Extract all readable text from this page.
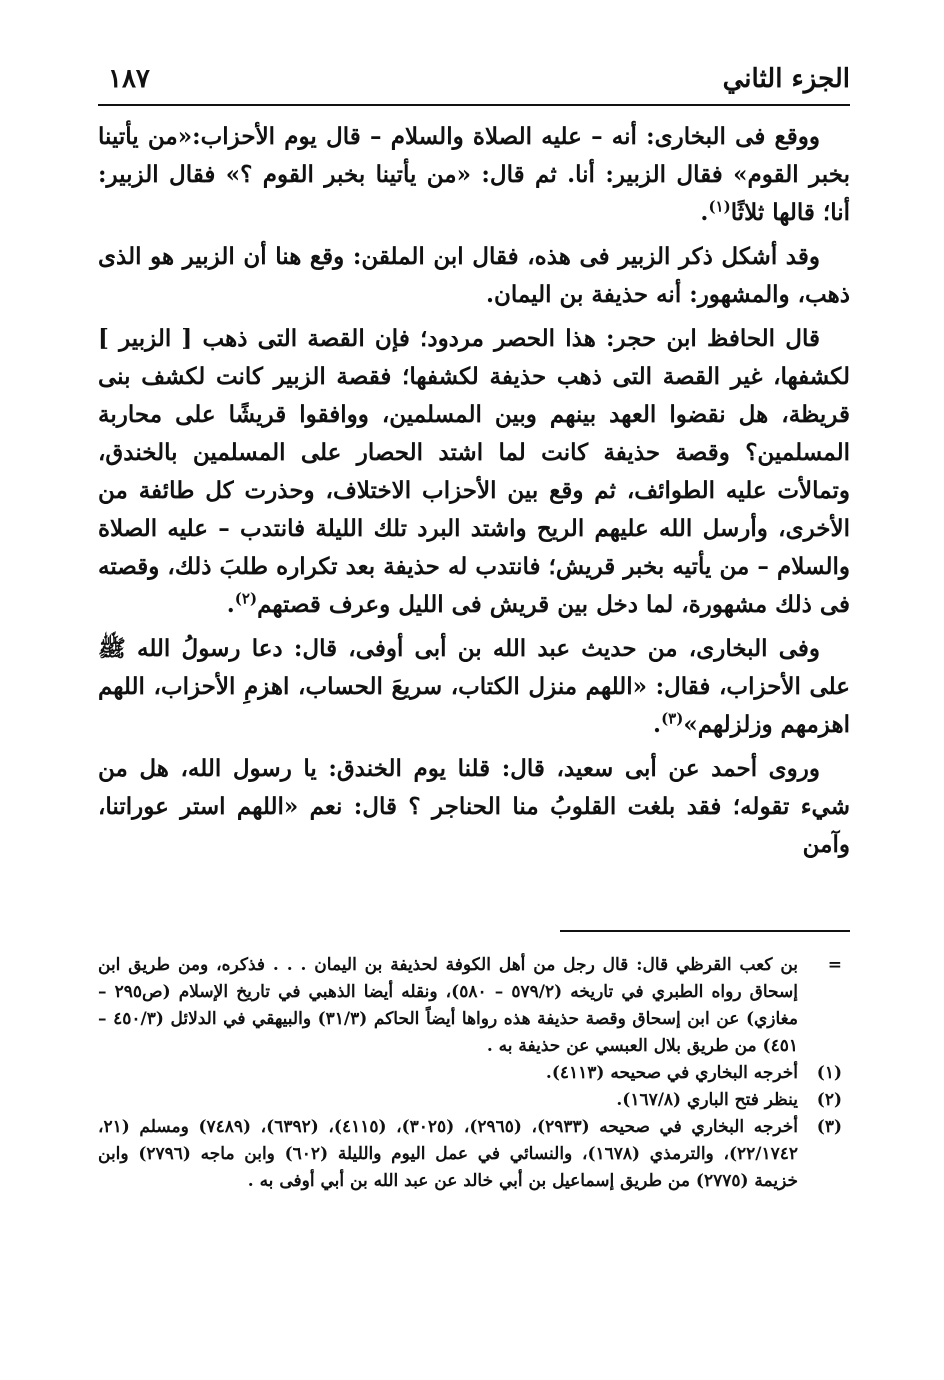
الجزء الثاني
١٨٧

ووقع فى البخارى: أنه – عليه الصلاة والسلام – قال يوم الأحزاب:«من يأتينا بخبر القوم» فقال الزبير: أنا. ثم قال: «من يأتينا بخبر القوم ؟» فقال الزبير: أنا؛ قالها ثلاثًا$^{(١)}$.

وقد أشكل ذكر الزبير فى هذه، فقال ابن الملقن: وقع هنا أن الزبير هو الذى ذهب، والمشهور: أنه حذيفة بن اليمان.

قال الحافظ ابن حجر: هذا الحصر مردود؛ فإن القصة التى ذهب [ الزبير ] لكشفها، غير القصة التى ذهب حذيفة لكشفها؛ فقصة الزبير كانت لكشف بنى قريظة، هل نقضوا العهد بينهم وبين المسلمين، ووافقوا قريشًا على محاربة المسلمين؟ وقصة حذيفة كانت لما اشتد الحصار على المسلمين بالخندق، وتمالأت عليه الطوائف، ثم وقع بين الأحزاب الاختلاف، وحذرت كل طائفة من الأخرى، وأرسل الله عليهم الريح واشتد البرد تلك الليلة فانتدب – عليه الصلاة والسلام – من يأتيه بخبر قريش؛ فانتدب له حذيفة بعد تكراره طلبَ ذلك، وقصته فى ذلك مشهورة، لما دخل بين قريش فى الليل وعرف قصتهم$^{(٢)}$.

وفى البخارى، من حديث عبد الله بن أبى أوفى، قال: دعا رسولُ الله ﷺ على الأحزاب، فقال: «اللهم منزل الكتاب، سريعَ الحساب، اهزمِ الأحزاب، اللهم اهزمهم وزلزلهم»$^{(٣)}$.

وروى أحمد عن أبى سعيد، قال: قلنا يوم الخندق: يا رسول الله، هل من شيء تقوله؛ فقد بلغت القلوبُ منا الحناجر ؟ قال: نعم «اللهم استر عوراتنا، وآمن

=
بن كعب القرظي قال: قال رجل من أهل الكوفة لحذيفة بن اليمان . . . فذكره، ومن طريق ابن إسحاق رواه الطبري في تاريخه (٥٧٩/٢ – ٥٨٠)، ونقله أيضا الذهبي في تاريخ الإسلام (ص٢٩٥ – مغازي) عن ابن إسحاق وقصة حذيفة هذه رواها أيضاً الحاكم (٣١/٣) والبيهقي في الدلائل (٤٥٠/٣ – ٤٥١) من طريق بلال العبسي عن حذيفة به .
(١)
أخرجه البخاري في صحيحه (٤١١٣).
(٢)
ينظر فتح الباري (١٦٧/٨).
(٣)
أخرجه البخاري في صحيحه (٢٩٣٣)، (٢٩٦٥)، (٣٠٢٥)، (٤١١٥)، (٦٣٩٢)، (٧٤٨٩) ومسلم (٢١، ٢٢/١٧٤٢)، والترمذي (١٦٧٨)، والنسائي في عمل اليوم والليلة (٦٠٢) وابن ماجه (٢٧٩٦) وابن خزيمة (٢٧٧٥) من طريق إسماعيل بن أبي خالد عن عبد الله بن أبي أوفى به .
